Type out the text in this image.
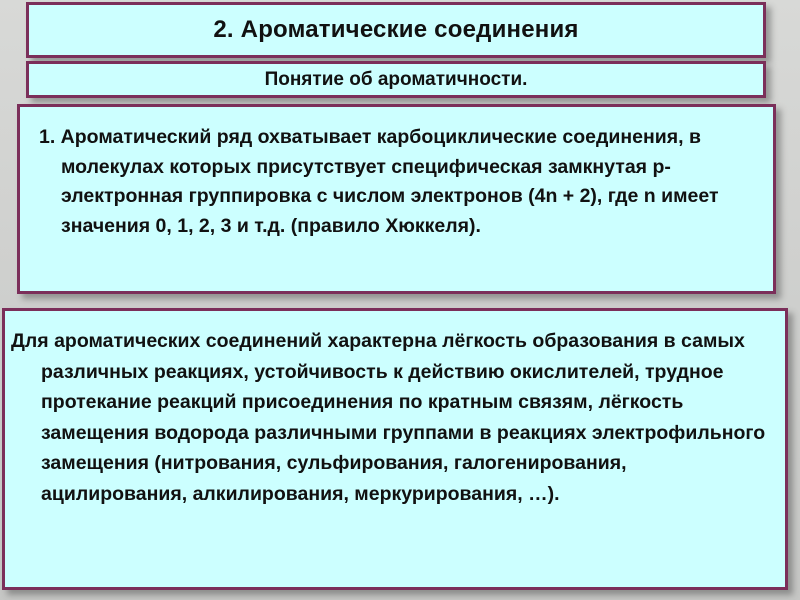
2. Ароматические соединения
Понятие об ароматичности.

1. Ароматический ряд охватывает карбоциклические соединения, в молекулах которых присутствует специфическая замкнутая р-электронная группировка с числом электронов (4n + 2), где n имеет значения 0, 1, 2, 3 и т.д. (правило Хюккеля).

Для ароматических соединений характерна лёгкость образования в самых различных реакциях, устойчивость к действию окислителей, трудное протекание реакций присоединения по кратным связям, лёгкость замещения водорода различными группами в реакциях электрофильного замещения (нитрования, сульфирования, галогенирования, ацилирования, алкилирования, меркурирования, …).
